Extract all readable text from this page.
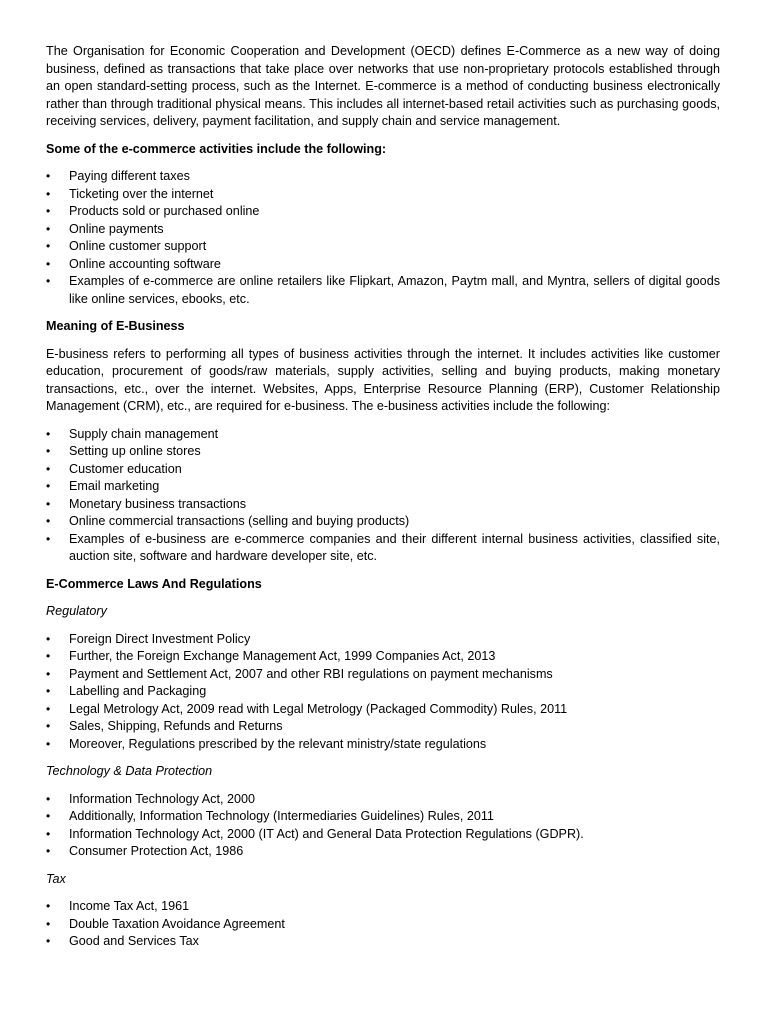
The Organisation for Economic Cooperation and Development (OECD) defines E-Commerce as a new way of doing business, defined as transactions that take place over networks that use non-proprietary protocols established through an open standard-setting process, such as the Internet. E-commerce is a method of conducting business electronically rather than through traditional physical means. This includes all internet-based retail activities such as purchasing goods, receiving services, delivery, payment facilitation, and supply chain and service management.

Some of the e-commerce activities include the following:

•	Paying different taxes
•	Ticketing over the internet
•	Products sold or purchased online
•	Online payments
•	Online customer support
•	Online accounting software
•	Examples of e-commerce are online retailers like Flipkart, Amazon, Paytm mall, and Myntra, sellers of digital goods like online services, ebooks, etc.

Meaning of E-Business

E-business refers to performing all types of business activities through the internet. It includes activities like customer education, procurement of goods/raw materials, supply activities, selling and buying products, making monetary transactions, etc., over the internet. Websites, Apps, Enterprise Resource Planning (ERP), Customer Relationship Management (CRM), etc., are required for e-business. The e-business activities include the following:

•	Supply chain management
•	Setting up online stores
•	Customer education
•	Email marketing
•	Monetary business transactions
•	Online commercial transactions (selling and buying products)
•	Examples of e-business are e-commerce companies and their different internal business activities, classified site, auction site, software and hardware developer site, etc.

E-Commerce Laws And Regulations

Regulatory

•	Foreign Direct Investment Policy
•	Further, the Foreign Exchange Management Act, 1999 Companies Act, 2013
•	Payment and Settlement Act, 2007 and other RBI regulations on payment mechanisms
•	Labelling and Packaging
•	Legal Metrology Act, 2009 read with Legal Metrology (Packaged Commodity) Rules, 2011
•	Sales, Shipping, Refunds and Returns
•	Moreover, Regulations prescribed by the relevant ministry/state regulations

Technology & Data Protection

•	Information Technology Act, 2000
•	Additionally, Information Technology (Intermediaries Guidelines) Rules, 2011
•	Information Technology Act, 2000 (IT Act) and General Data Protection Regulations (GDPR).
•	Consumer Protection Act, 1986

Tax

•	Income Tax Act, 1961
•	Double Taxation Avoidance Agreement
•	Good and Services Tax
